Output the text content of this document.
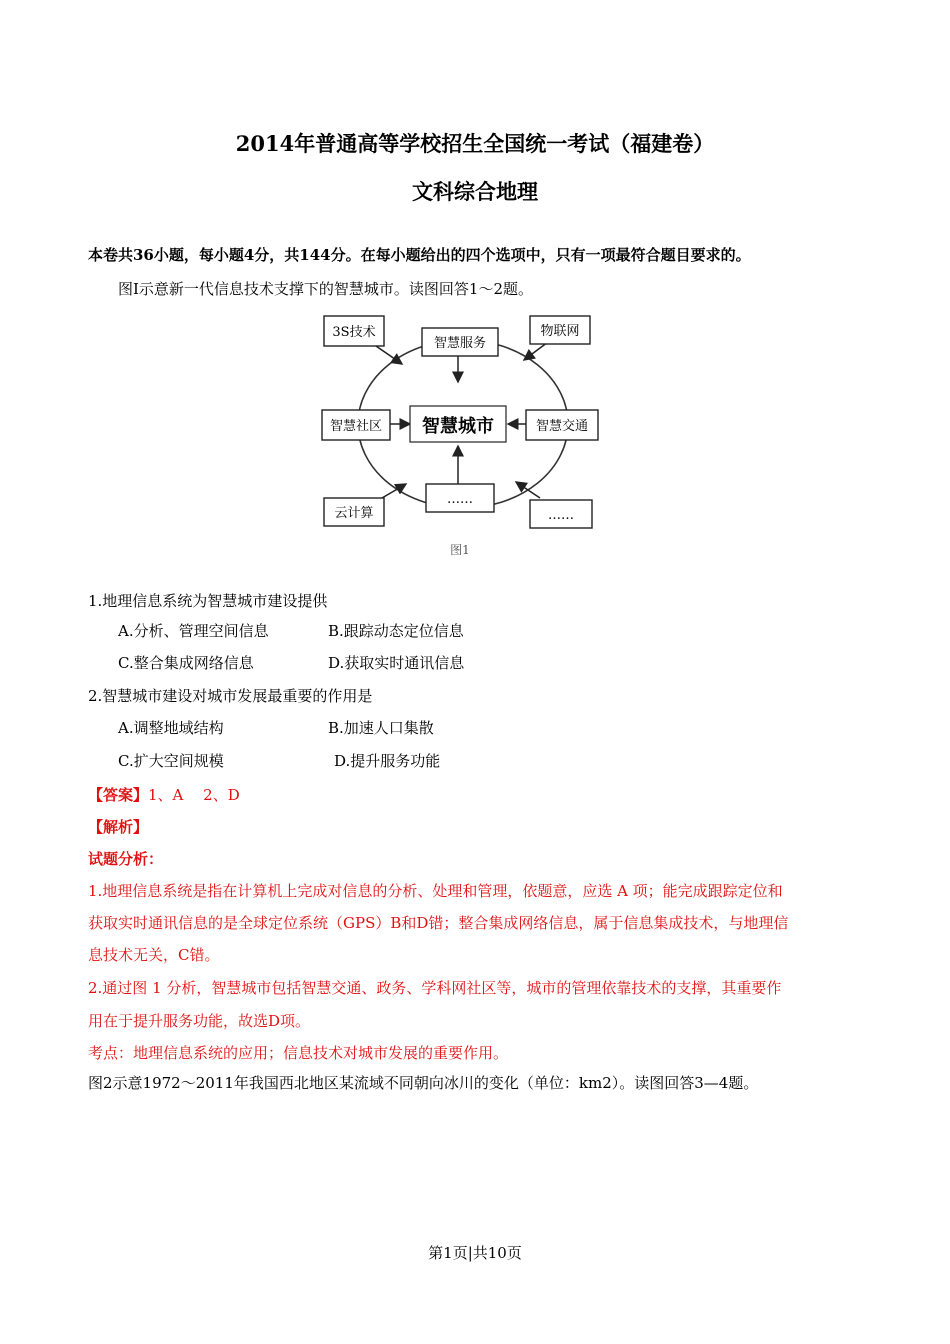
2014年普通高等学校招生全国统一考试（福建卷）
文科综合地理
本卷共36小题，每小题4分，共144分。在每小题给出的四个选项中，只有一项最符合题目要求的。
图Ⅰ示意新一代信息技术支撑下的智慧城市。读图回答1～2题。
3S技术
智慧服务
物联网
智慧社区 智慧城市	智慧交通
云计算
……
……
图1
1.地理信息系统为智慧城市建设提供
A.分析、管理空间信息	B.跟踪动态定位信息
C.整合集成网络信息	D.获取实时通讯信息
2.智慧城市建设对城市发展最重要的作用是
A.调整地域结构	B.加速人口集散
C.扩大空间规模	D.提升服务功能
【答案】1、A　 2、D
【解析】
试题分析：
1.地理信息系统是指在计算机上完成对信息的分析、处理和管理，依题意，应选 A 项；能完成跟踪定位和
获取实时通讯信息的是全球定位系统（GPS）B和D错；整合集成网络信息，属于信息集成技术，与地理信
息技术无关，C错。
2.通过图 1 分析，智慧城市包括智慧交通、政务、学科网社区等，城市的管理依靠技术的支撑，其重要作
用在于提升服务功能，故选D项。
考点：地理信息系统的应用；信息技术对城市发展的重要作用。
图2示意1972～2011年我国西北地区某流域不同朝向冰川的变化（单位：km2）。读图回答3—4题。
第1页|共10页
